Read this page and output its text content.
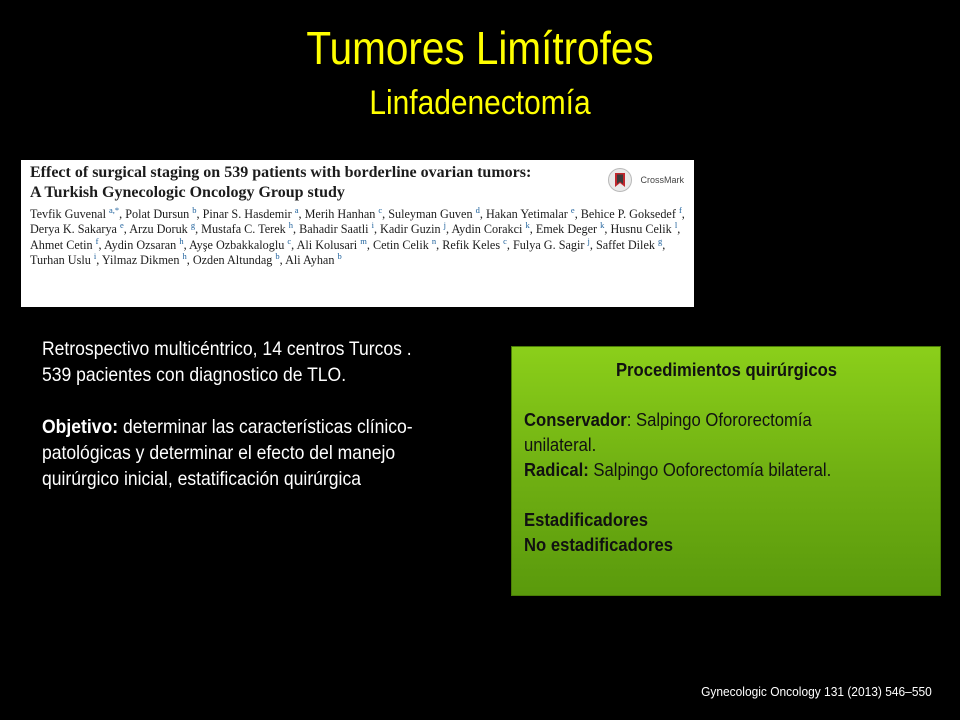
Tumores Limítrofes
Linfadenectomía
CrossMark
Effect of surgical staging on 539 patients with borderline ovarian tumors:
A Turkish Gynecologic Oncology Group study

Tevfik Guvenal $^{a,*}$, Polat Dursun $^b$, Pinar S. Hasdemir $^a$, Merih Hanhan $^c$, Suleyman Guven $^d$, Hakan Yetimalar $^e$, Behice P. Goksedef $^f$, Derya K. Sakarya $^e$, Arzu Doruk $^g$, Mustafa C. Terek $^h$, Bahadir Saatli $^i$, Kadir Guzin $^j$, Aydin Corakci $^k$, Emek Deger $^k$, Husnu Celik $^l$, Ahmet Cetin $^f$, Aydin Ozsaran $^h$, Ayşe Ozbakkaloglu $^c$, Ali Kolusari $^m$, Cetin Celik $^n$, Refik Keles $^c$, Fulya G. Sagir $^j$, Saffet Dilek $^g$, Turhan Uslu $^i$, Yilmaz Dikmen $^h$, Ozden Altundag $^b$, Ali Ayhan $^b$

Retrospectivo multicéntrico, 14 centros Turcos .

539 pacientes con diagnostico de TLO.

Objetivo: determinar las características clínico-

patológicas y determinar el efecto del manejo

quirúrgico inicial, estatificación quirúrgica

Procedimientos quirúrgicos

Conservador: Salpingo Ofororectomía

unilateral.

Radical: Salpingo Ooforectomía bilateral.

Estadificadores

No estadificadores

Gynecologic Oncology 131 (2013) 546–550
